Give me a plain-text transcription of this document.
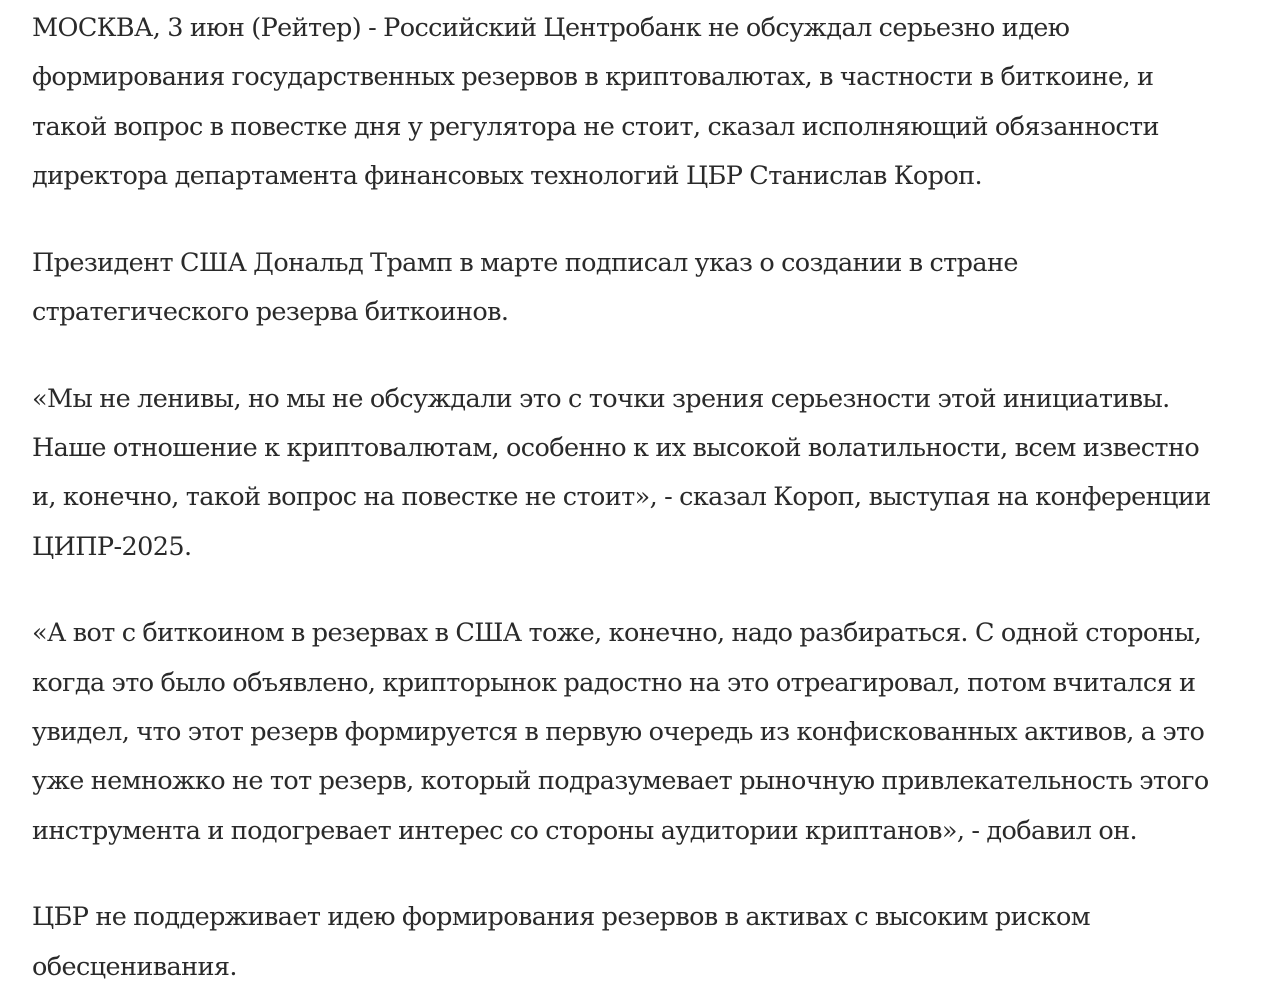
МОСКВА, 3 июн (Рейтер) - Российский Центробанк не обсуждал серьезно идею
формирования государственных резервов в криптовалютах, в частности в биткоине, и
такой вопрос в повестке дня у регулятора не стоит, сказал исполняющий обязанности
директора департамента финансовых технологий ЦБР Станислав Короп.

Президент США Дональд Трамп в марте подписал указ о создании в стране
стратегического резерва биткоинов.

«Мы не ленивы, но мы не обсуждали это с точки зрения серьезности этой инициативы.
Наше отношение к криптовалютам, особенно к их высокой волатильности, всем известно
и, конечно, такой вопрос на повестке не стоит», - сказал Короп, выступая на конференции
ЦИПР-2025.

«А вот с биткоином в резервах в США тоже, конечно, надо разбираться. С одной стороны,
когда это было объявлено, крипторынок радостно на это отреагировал, потом вчитался и
увидел, что этот резерв формируется в первую очередь из конфискованных активов, а это
уже немножко не тот резерв, который подразумевает рыночную привлекательность этого
инструмента и подогревает интерес со стороны аудитории криптанов», - добавил он.

ЦБР не поддерживает идею формирования резервов в активах с высоким риском
обесценивания.
